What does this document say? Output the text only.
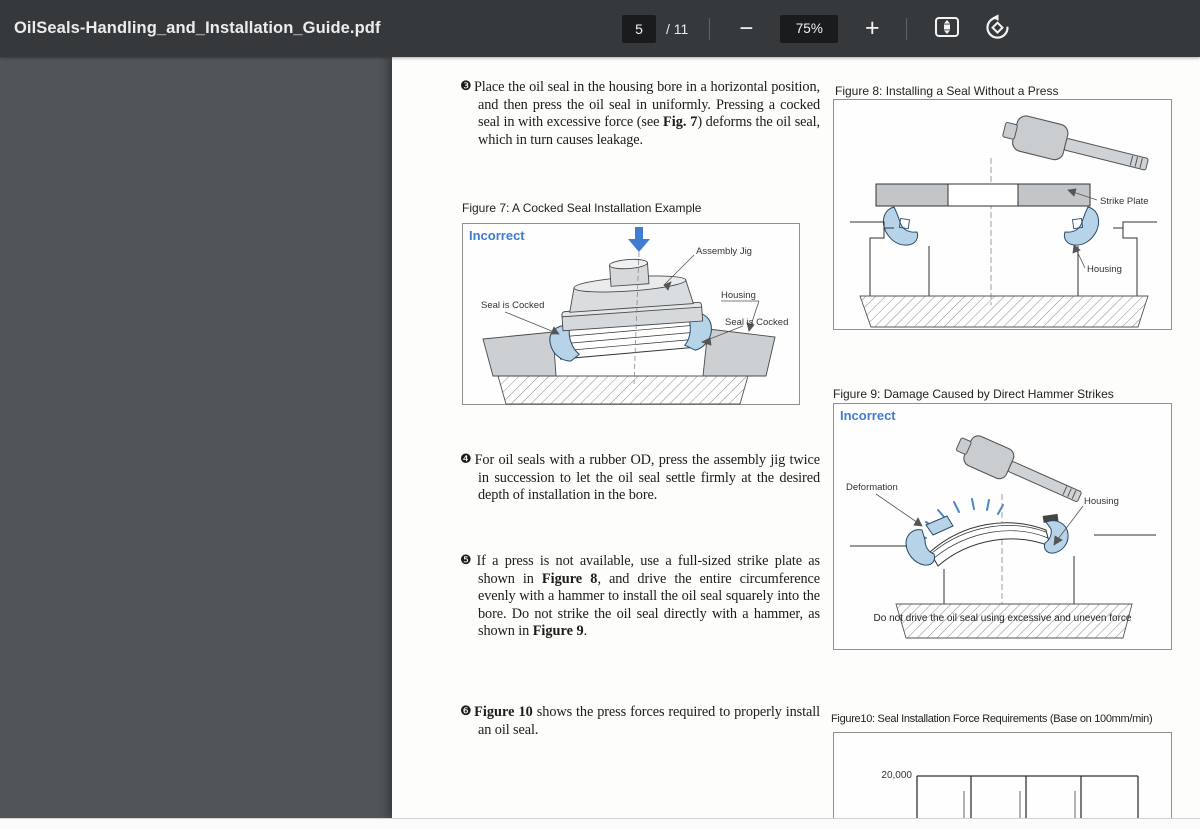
OilSeals-Handling_and_Installation_Guide.pdf
5	/ 11	−	75%	+

❸ Place the oil seal in the housing bore in a horizontal position, and then press the oil seal in uniformly. Pressing a cocked seal in with excessive force (see Fig. 7) deforms the oil seal, which in turn causes leakage.

Figure 7: A Cocked Seal Installation Example
Incorrect
Assembly Jig
Housing
Seal is Cocked
Seal is Cocked

❹ For oil seals with a rubber OD, press the assembly jig twice in succession to let the oil seal settle firmly at the desired depth of installation in the bore.

❺ If a press is not available, use a full-sized strike plate as shown in Figure 8, and drive the entire circumference evenly with a hammer to install the oil seal squarely into the bore. Do not strike the oil seal directly with a hammer, as shown in Figure 9.

❻ Figure 10 shows the press forces required to properly install an oil seal.

Figure 8: Installing a Seal Without a Press
Strike Plate
Housing
Figure 9: Damage Caused by Direct Hammer Strikes
Incorrect
Deformation
Housing
Do not drive the oil seal using excessive and uneven force
Figure10: Seal Installation Force Requirements (Base on 100mm/min)
20,000
